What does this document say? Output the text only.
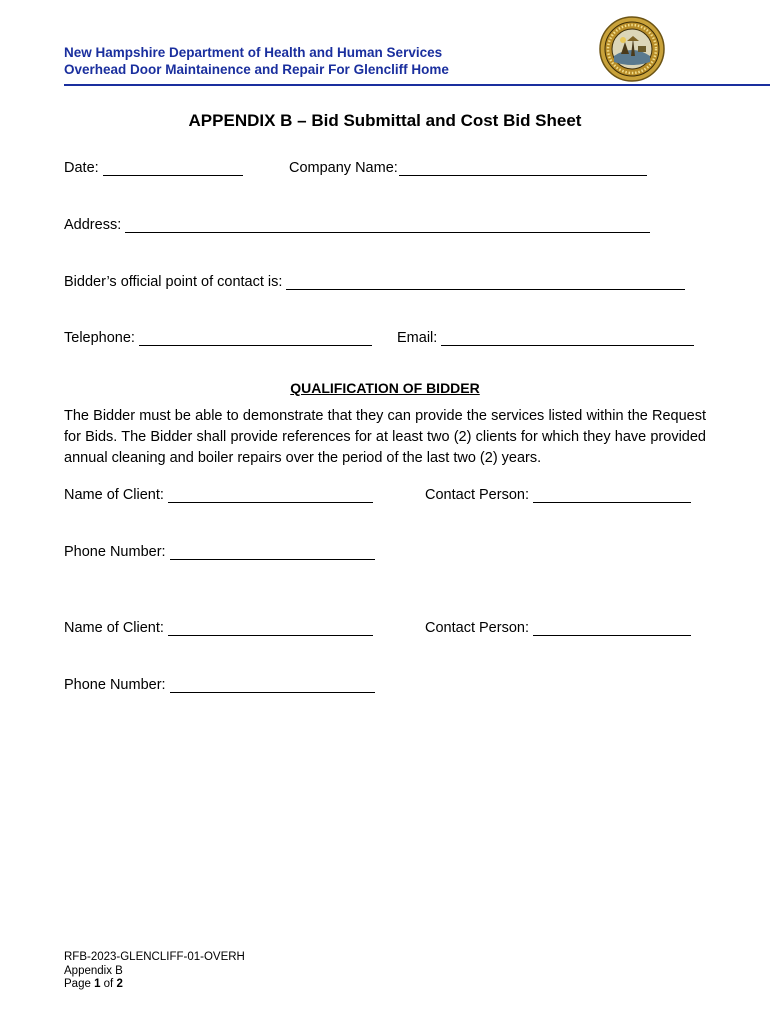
New Hampshire Department of Health and Human Services
Overhead Door Maintainence and Repair For Glencliff Home
APPENDIX B – Bid Submittal and Cost Bid Sheet
Date:	Company Name:
Address:
Bidder’s official point of contact is:
Telephone:	Email:
QUALIFICATION OF BIDDER
The Bidder must be able to demonstrate that they can provide the services listed within the Request for Bids. The Bidder shall provide references for at least two (2) clients for which they have provided annual cleaning and boiler repairs over the period of the last two (2) years.
Name of Client:	Contact Person:
Phone Number:
Name of Client:	Contact Person:
Phone Number:
RFB-2023-GLENCLIFF-01-OVERH
Appendix B
Page 1 of 2
